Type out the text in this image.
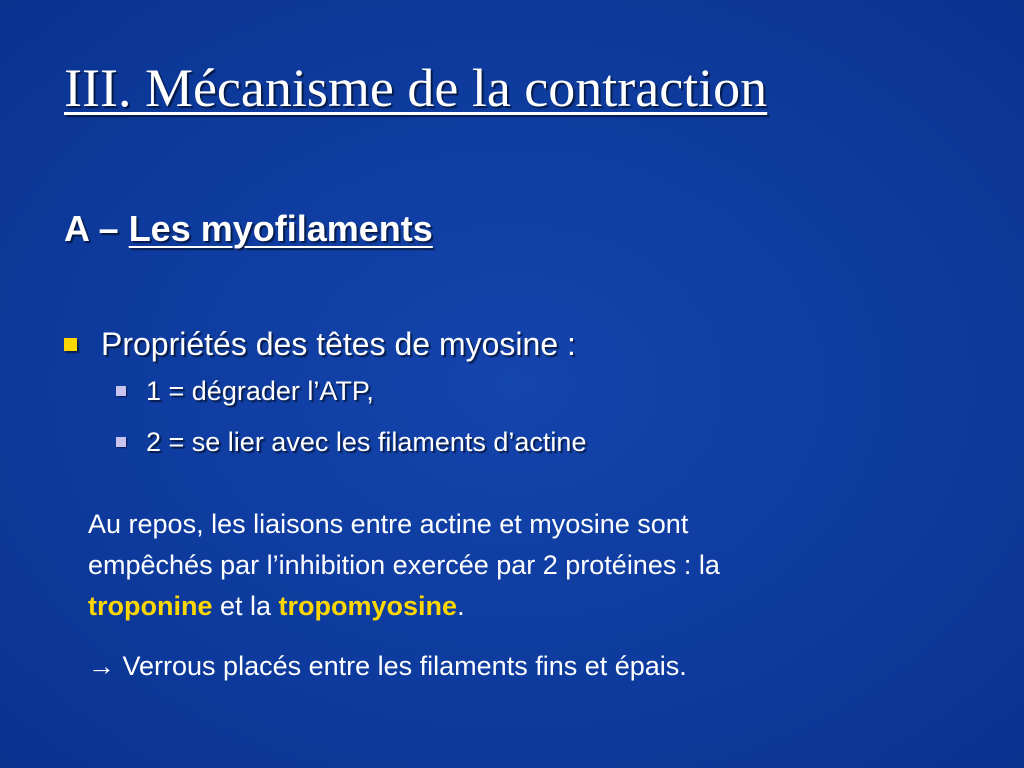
III. Mécanisme de la contraction
A – Les myofilaments
Propriétés des têtes de myosine :
1 = dégrader l’ATP,
2 = se lier avec les filaments d’actine
Au repos, les liaisons entre actine et myosine sont
empêchés par l’inhibition exercée par 2 protéines : la
troponine et la tropomyosine.
→ Verrous placés entre les filaments fins et épais.
